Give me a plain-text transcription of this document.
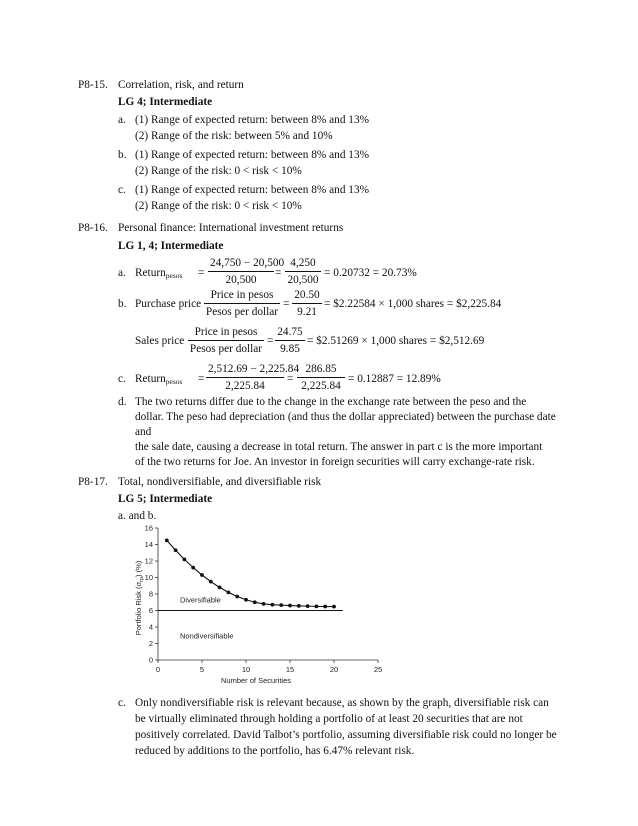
P8-15. Correlation, risk, and return
LG 4; Intermediate
a. (1) Range of expected return: between 8% and 13%
(2) Range of the risk: between 5% and 10%
b. (1) Range of expected return: between 8% and 13%
(2) Range of the risk: 0 < risk < 10%
c. (1) Range of expected return: between 8% and 13%
(2) Range of the risk: 0 < risk < 10%
P8-16. Personal finance: International investment returns
LG 1, 4; Intermediate
a. Return$_{pesos}$ = $\frac{24,750 - 20,500}{20,500} = \frac{4,250}{20,500} = 0.20732 = 20.73\%$
b. Purchase price
Price in pesos
Pesos per dollar
= $\frac{20.50}{9.21}$ = $2.22584 × 1,000 shares = $2,225.84
Sales price
Price in pesos
Pesos per dollar
= $\frac{24.75}{9.85}$ = $2.51269 × 1,000 shares = $2,512.69
c. Return$_{pesos}$ = $\frac{2,512.69 - 2,225.84}{2,225.84} = \frac{286.85}{2,225.84} = 0.12887 = 12.89\%$
d. The two returns differ due to the change in the exchange rate between the peso and the
dollar. The peso had depreciation (and thus the dollar appreciated) between the purchase date
and
the sale date, causing a decrease in total return. The answer in part c is the more important
of the two returns for Joe. An investor in foreign securities will carry exchange-rate risk.
P8-17. Total, nondiversifiable, and diversifiable risk
LG 5; Intermediate
a. and b.
0	5	10	15	20	25
0
2
4
6
8
10
12
14
16
Diversifiable
Nondiversifiable
Number of Securities
Portfolio Risk $(\sigma_{rp})$ (%)
c. Only nondiversifiable risk is relevant because, as shown by the graph, diversifiable risk can
be virtually eliminated through holding a portfolio of at least 20 securities that are not
positively correlated. David Talbot’s portfolio, assuming diversifiable risk could no longer be
reduced by additions to the portfolio, has 6.47% relevant risk.
